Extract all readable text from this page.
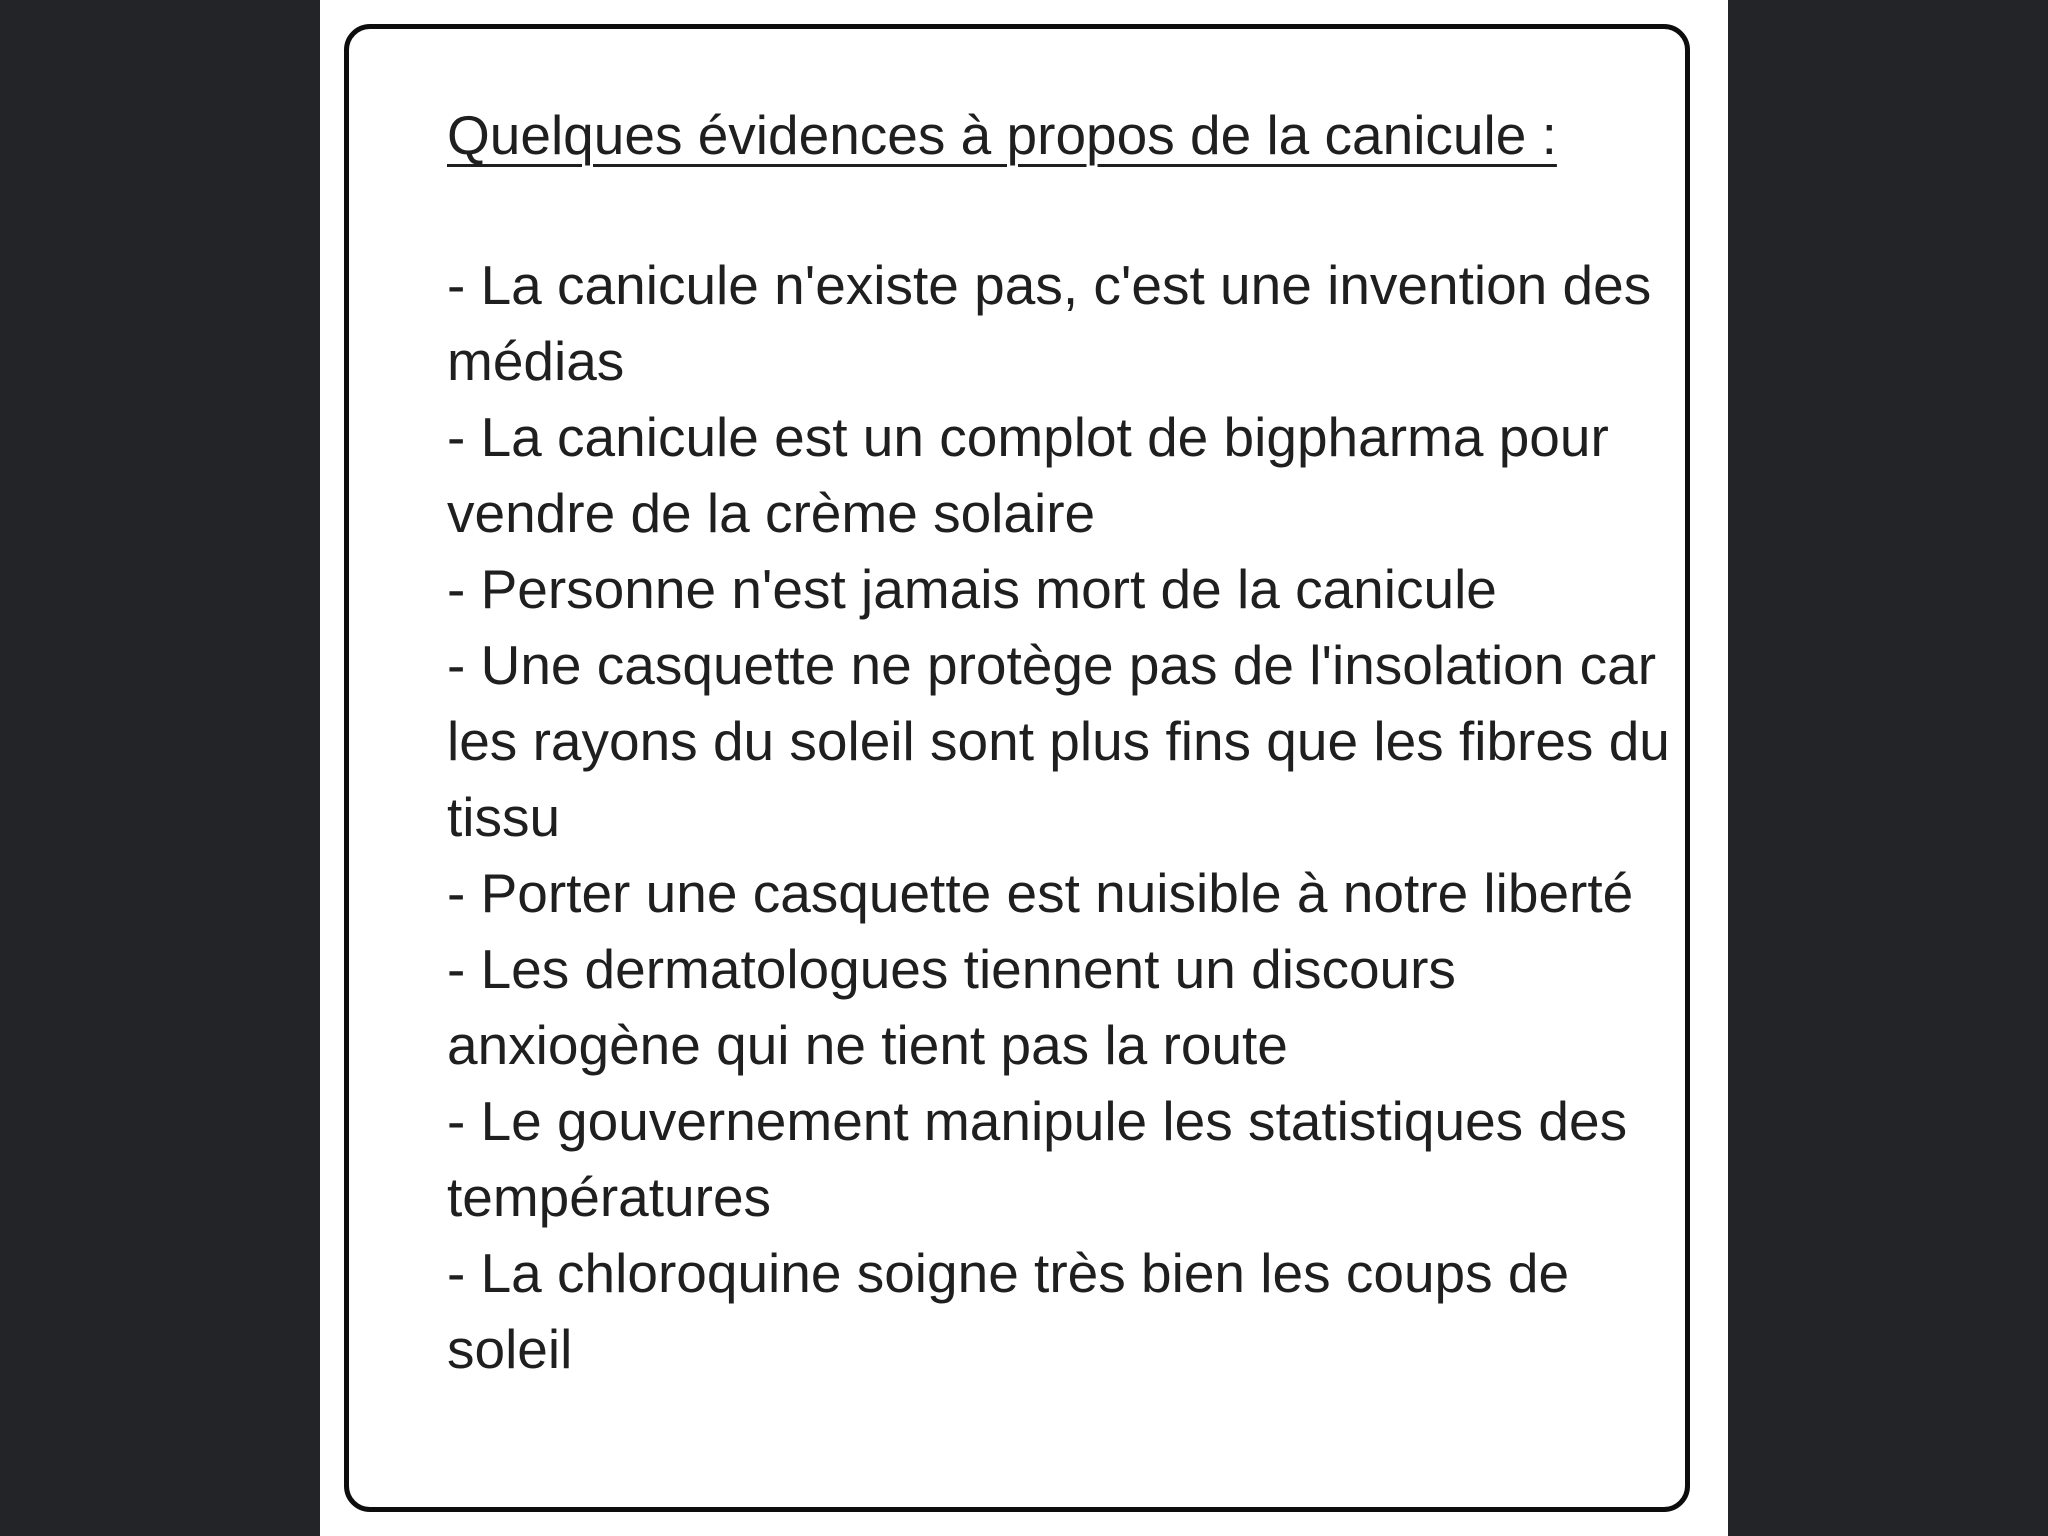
Quelques évidences à propos de la canicule :
- La canicule n'existe pas, c'est une invention des médias
- La canicule est un complot de bigpharma pour vendre de la crème solaire
- Personne n'est jamais mort de la canicule
- Une casquette ne protège pas de l'insolation car les rayons du soleil sont plus fins que les fibres du tissu
- Porter une casquette est nuisible à notre liberté
- Les dermatologues tiennent un discours anxiogène qui ne tient pas la route
- Le gouvernement manipule les statistiques des températures
- La chloroquine soigne très bien les coups de soleil
